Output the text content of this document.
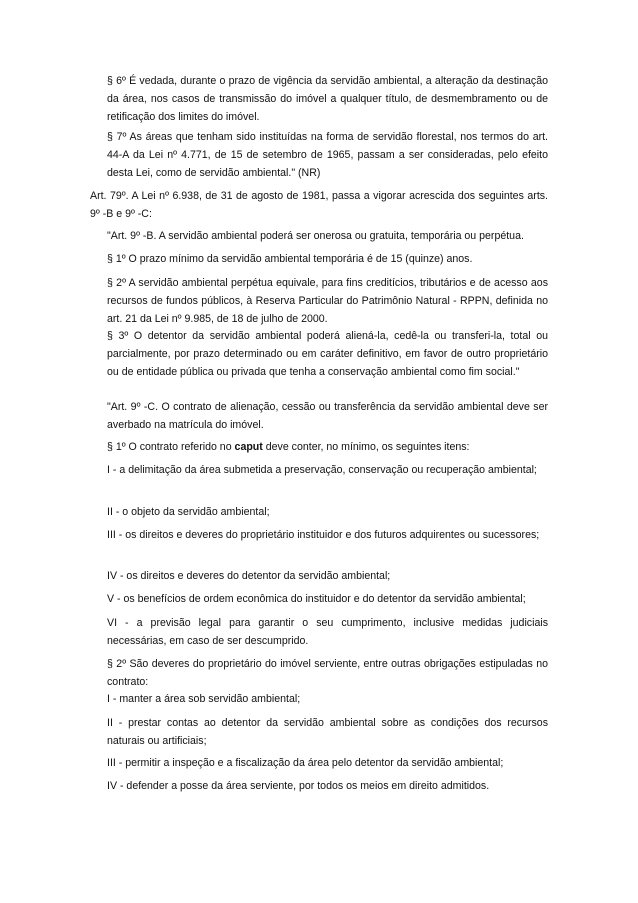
§ 6º É vedada, durante o prazo de vigência da servidão ambiental, a alteração da destinação da área, nos casos de transmissão do imóvel a qualquer título, de desmembramento ou de retificação dos limites do imóvel.

§ 7º As áreas que tenham sido instituídas na forma de servidão florestal, nos termos do art. 44-A da Lei nº 4.771, de 15 de setembro de 1965, passam a ser consideradas, pelo efeito desta Lei, como de servidão ambiental." (NR)

Art. 79º. A Lei nº 6.938, de 31 de agosto de 1981, passa a vigorar acrescida dos seguintes arts. 9º -B e 9º -C:

"Art. 9º -B. A servidão ambiental poderá ser onerosa ou gratuita, temporária ou perpétua.

§ 1º O prazo mínimo da servidão ambiental temporária é de 15 (quinze) anos.

§ 2º A servidão ambiental perpétua equivale, para fins creditícios, tributários e de acesso aos recursos de fundos públicos, à Reserva Particular do Patrimônio Natural - RPPN, definida no art. 21 da Lei nº 9.985, de 18 de julho de 2000.

§ 3º O detentor da servidão ambiental poderá aliená-la, cedê-la ou transferi-la, total ou parcialmente, por prazo determinado ou em caráter definitivo, em favor de outro proprietário ou de entidade pública ou privada que tenha a conservação ambiental como fim social."

"Art. 9º -C. O contrato de alienação, cessão ou transferência da servidão ambiental deve ser averbado na matrícula do imóvel.

§ 1º O contrato referido no caput deve conter, no mínimo, os seguintes itens:

I - a delimitação da área submetida a preservação, conservação ou recuperação ambiental;

II - o objeto da servidão ambiental;

III - os direitos e deveres do proprietário instituidor e dos futuros adquirentes ou sucessores;

IV - os direitos e deveres do detentor da servidão ambiental;

V - os benefícios de ordem econômica do instituidor e do detentor da servidão ambiental;

VI - a previsão legal para garantir o seu cumprimento, inclusive medidas judiciais necessárias, em caso de ser descumprido.

§ 2º São deveres do proprietário do imóvel serviente, entre outras obrigações estipuladas no contrato:

I - manter a área sob servidão ambiental;

II - prestar contas ao detentor da servidão ambiental sobre as condições dos recursos naturais ou artificiais;

III - permitir a inspeção e a fiscalização da área pelo detentor da servidão ambiental;

IV - defender a posse da área serviente, por todos os meios em direito admitidos.
